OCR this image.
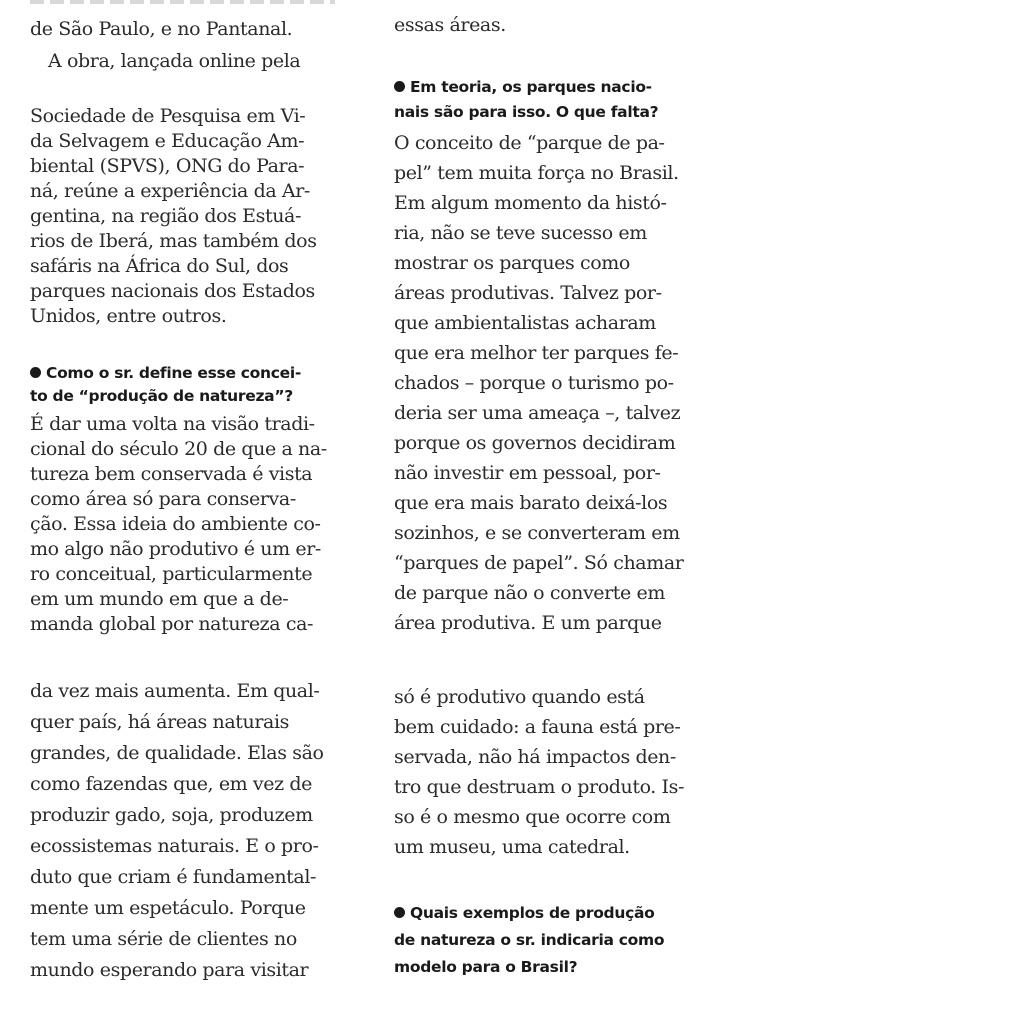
de São Paulo, e no Pantanal.
A obra, lançada online pela
Sociedade de Pesquisa em Vi-
da Selvagem e Educação Am-
biental (SPVS), ONG do Para-
ná, reúne a experiência da Ar-
gentina, na região dos Estuá-
rios de Iberá, mas também dos
safáris na África do Sul, dos
parques nacionais dos Estados
Unidos, entre outros.
Como o sr. define esse concei-
to de “produção de natureza”?
É dar uma volta na visão tradi-
cional do século 20 de que a na-
tureza bem conservada é vista
como área só para conserva-
ção. Essa ideia do ambiente co-
mo algo não produtivo é um er-
ro conceitual, particularmente
em um mundo em que a de-
manda global por natureza ca-
da vez mais aumenta. Em qual-
quer país, há áreas naturais
grandes, de qualidade. Elas são
como fazendas que, em vez de
produzir gado, soja, produzem
ecossistemas naturais. E o pro-
duto que criam é fundamental-
mente um espetáculo. Porque
tem uma série de clientes no
mundo esperando para visitar
essas áreas.
Em teoria, os parques nacio-
nais são para isso. O que falta?
O conceito de “parque de pa-
pel” tem muita força no Brasil.
Em algum momento da histó-
ria, não se teve sucesso em
mostrar os parques como
áreas produtivas. Talvez por-
que ambientalistas acharam
que era melhor ter parques fe-
chados – porque o turismo po-
deria ser uma ameaça –, talvez
porque os governos decidiram
não investir em pessoal, por-
que era mais barato deixá-los
sozinhos, e se converteram em
“parques de papel”. Só chamar
de parque não o converte em
área produtiva. E um parque
só é produtivo quando está
bem cuidado: a fauna está pre-
servada, não há impactos den-
tro que destruam o produto. Is-
so é o mesmo que ocorre com
um museu, uma catedral.
Quais exemplos de produção
de natureza o sr. indicaria como
modelo para o Brasil?
